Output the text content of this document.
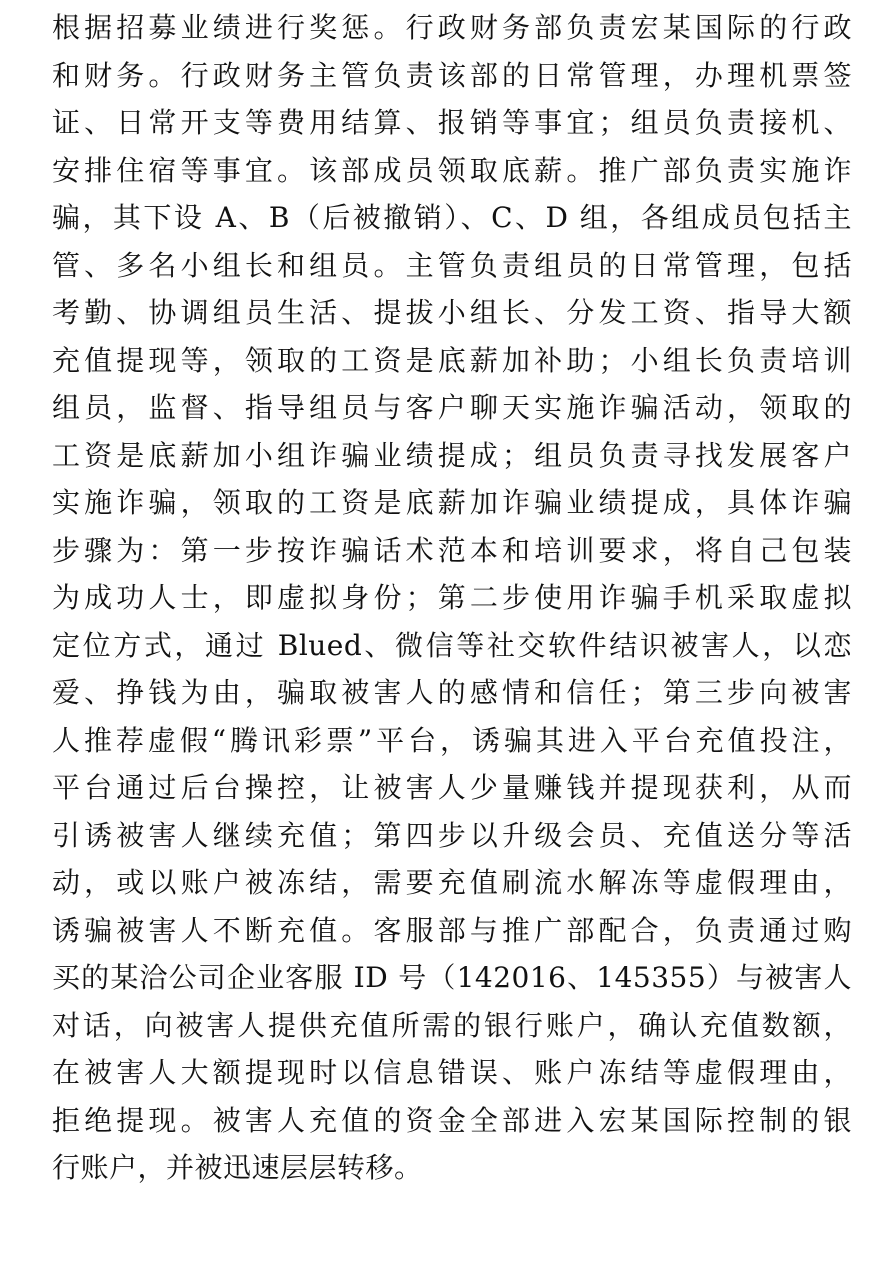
根据招募业绩进行奖惩。行政财务部负责宏某国际的行政
和财务。行政财务主管负责该部的日常管理，办理机票签
证、日常开支等费用结算、报销等事宜；组员负责接机、
安排住宿等事宜。该部成员领取底薪。推广部负责实施诈
骗，其下设 A、B（后被撤销）、C、D 组，各组成员包括主
管、多名小组长和组员。主管负责组员的日常管理，包括
考勤、协调组员生活、提拔小组长、分发工资、指导大额
充值提现等，领取的工资是底薪加补助；小组长负责培训
组员，监督、指导组员与客户聊天实施诈骗活动，领取的
工资是底薪加小组诈骗业绩提成；组员负责寻找发展客户
实施诈骗，领取的工资是底薪加诈骗业绩提成，具体诈骗
步骤为：第一步按诈骗话术范本和培训要求，将自己包装
为成功人士，即虚拟身份；第二步使用诈骗手机采取虚拟
定位方式，通过 Blued、微信等社交软件结识被害人，以恋
爱、挣钱为由，骗取被害人的感情和信任；第三步向被害
人推荐虚假“腾讯彩票”平台，诱骗其进入平台充值投注，
平台通过后台操控，让被害人少量赚钱并提现获利，从而
引诱被害人继续充值；第四步以升级会员、充值送分等活
动，或以账户被冻结，需要充值刷流水解冻等虚假理由，
诱骗被害人不断充值。客服部与推广部配合，负责通过购
买的某洽公司企业客服 ID 号（142016、145355）与被害人
对话，向被害人提供充值所需的银行账户，确认充值数额，
在被害人大额提现时以信息错误、账户冻结等虚假理由，
拒绝提现。被害人充值的资金全部进入宏某国际控制的银
行账户，并被迅速层层转移。
